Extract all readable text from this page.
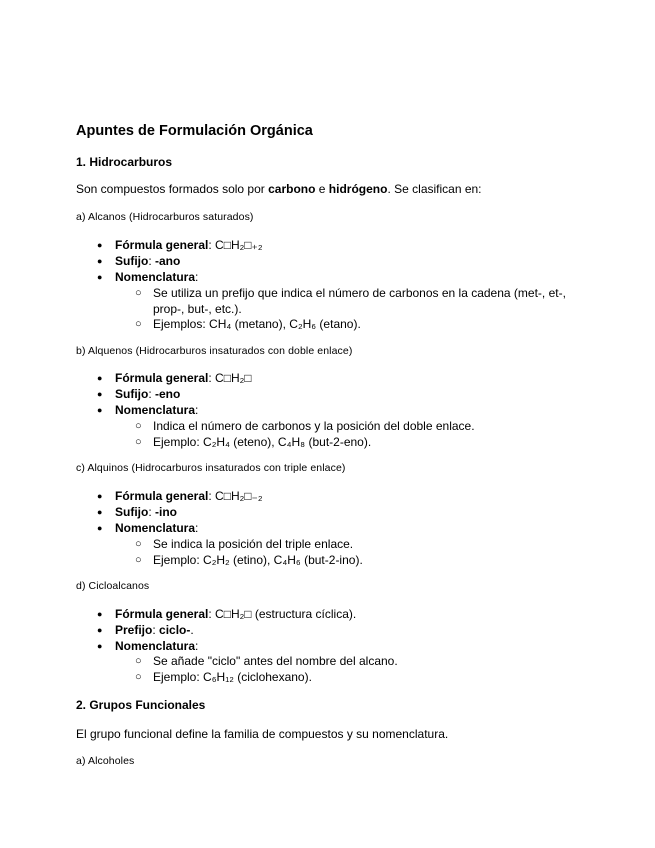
Apuntes de Formulación Orgánica
1. Hidrocarburos
Son compuestos formados solo por carbono e hidrógeno. Se clasifican en:
a) Alcanos (Hidrocarburos saturados)
● Fórmula general: C□H₂□₊₂
● Sufijo: -ano
● Nomenclatura:
○ Se utiliza un prefijo que indica el número de carbonos en la cadena (met-, et-,
prop-, but-, etc.).
○ Ejemplos: CH₄ (metano), C₂H₆ (etano).
b) Alquenos (Hidrocarburos insaturados con doble enlace)
● Fórmula general: C□H₂□
● Sufijo: -eno
● Nomenclatura:
○ Indica el número de carbonos y la posición del doble enlace.
○ Ejemplo: C₂H₄ (eteno), C₄H₈ (but-2-eno).
c) Alquinos (Hidrocarburos insaturados con triple enlace)
● Fórmula general: C□H₂□₋₂
● Sufijo: -ino
● Nomenclatura:
○ Se indica la posición del triple enlace.
○ Ejemplo: C₂H₂ (etino), C₄H₆ (but-2-ino).
d) Cicloalcanos
● Fórmula general: C□H₂□ (estructura cíclica).
● Prefijo: ciclo-.
● Nomenclatura:
○ Se añade "ciclo" antes del nombre del alcano.
○ Ejemplo: C₆H₁₂ (ciclohexano).
2. Grupos Funcionales
El grupo funcional define la familia de compuestos y su nomenclatura.
a) Alcoholes
